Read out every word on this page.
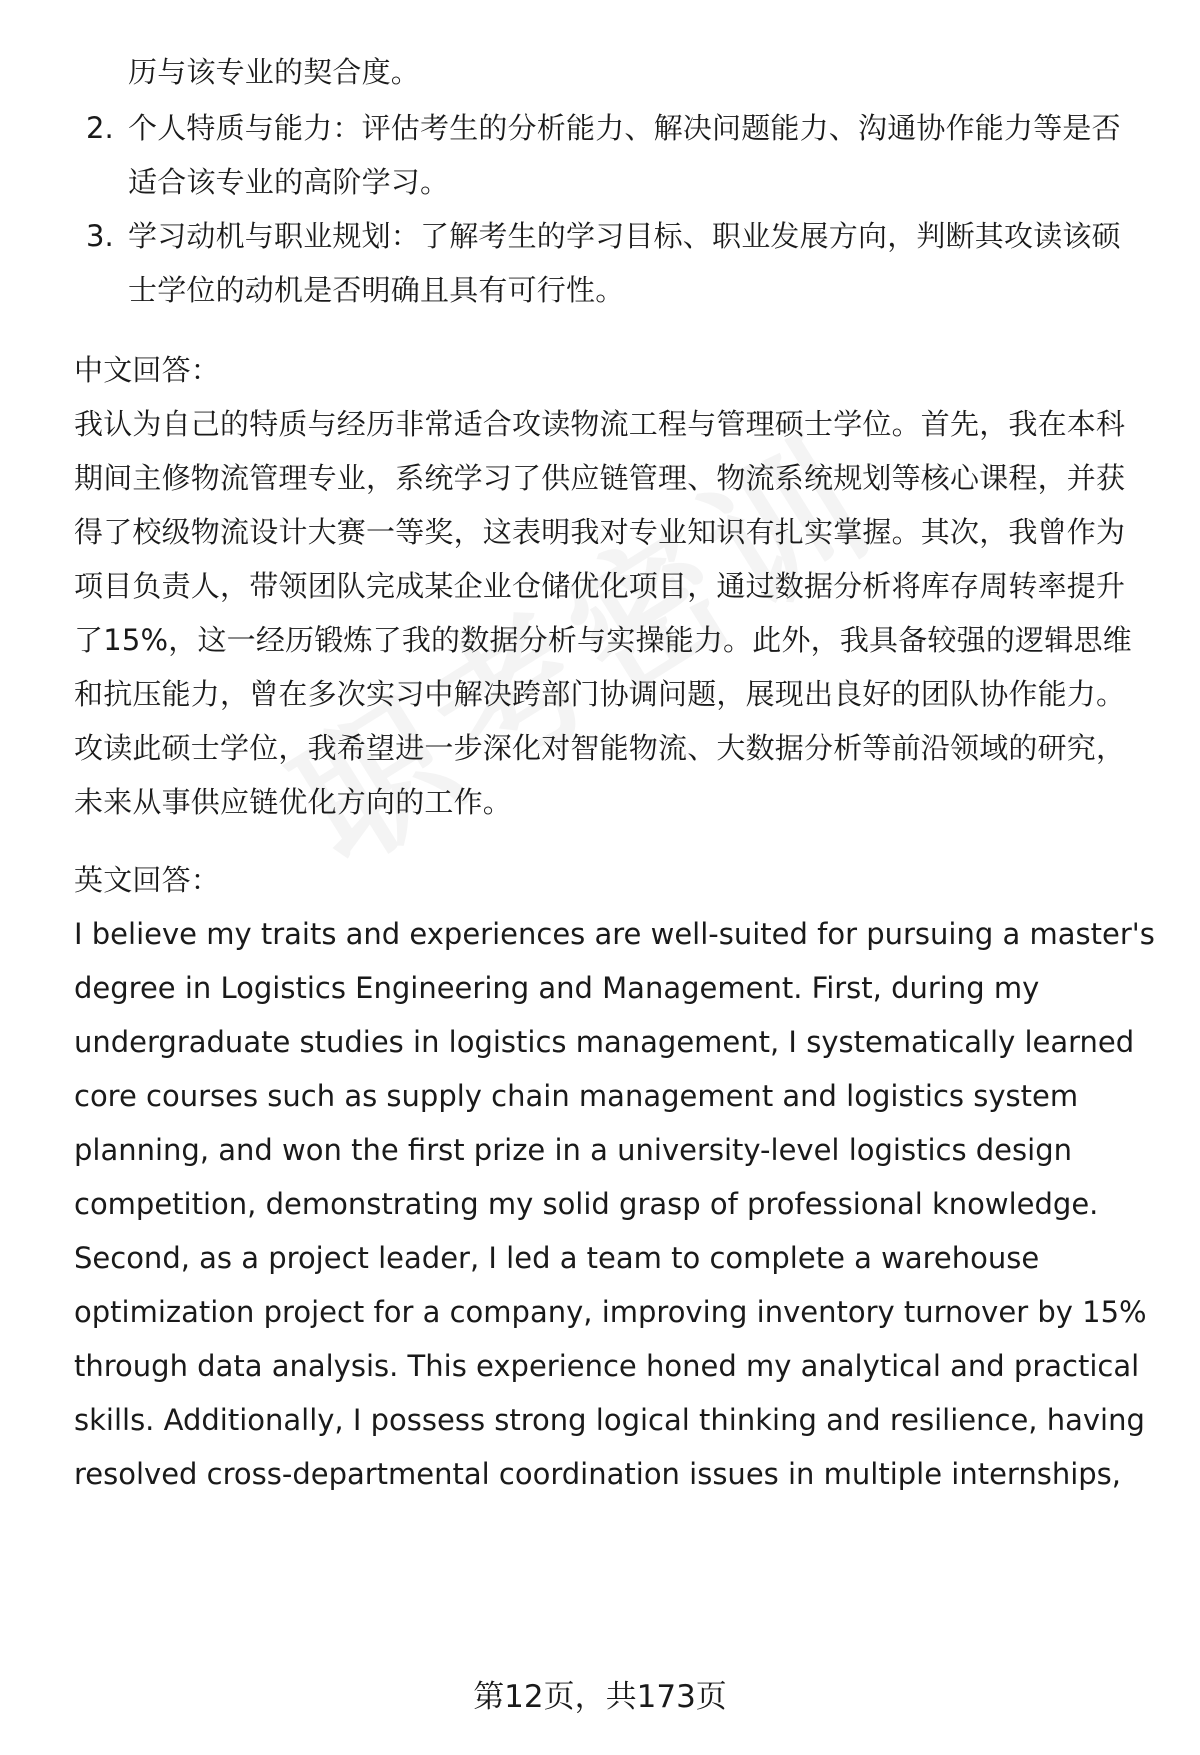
历与该专业的契合度。
2. 个人特质与能力：评估考生的分析能力、解决问题能力、沟通协作能力等是否
适合该专业的高阶学习。
3. 学习动机与职业规划：了解考生的学习目标、职业发展方向，判断其攻读该硕
士学位的动机是否明确且具有可行性。
中文回答：
我认为自己的特质与经历非常适合攻读物流工程与管理硕士学位。首先，我在本科
期间主修物流管理专业，系统学习了供应链管理、物流系统规划等核心课程，并获
得了校级物流设计大赛一等奖，这表明我对专业知识有扎实掌握。其次，我曾作为
项目负责人，带领团队完成某企业仓储优化项目，通过数据分析将库存周转率提升
了15%，这一经历锻炼了我的数据分析与实操能力。此外，我具备较强的逻辑思维
和抗压能力，曾在多次实习中解决跨部门协调问题，展现出良好的团队协作能力。
攻读此硕士学位，我希望进一步深化对智能物流、大数据分析等前沿领域的研究，
未来从事供应链优化方向的工作。
英文回答：
I believe my traits and experiences are well-suited for pursuing a master's
degree in Logistics Engineering and Management. First, during my
undergraduate studies in logistics management, I systematically learned
core courses such as supply chain management and logistics system
planning, and won the first prize in a university-level logistics design
competition, demonstrating my solid grasp of professional knowledge.
Second, as a project leader, I led a team to complete a warehouse
optimization project for a company, improving inventory turnover by 15%
through data analysis. This experience honed my analytical and practical
skills. Additionally, I possess strong logical thinking and resilience, having
resolved cross-departmental coordination issues in multiple internships,
第12页，共173页
